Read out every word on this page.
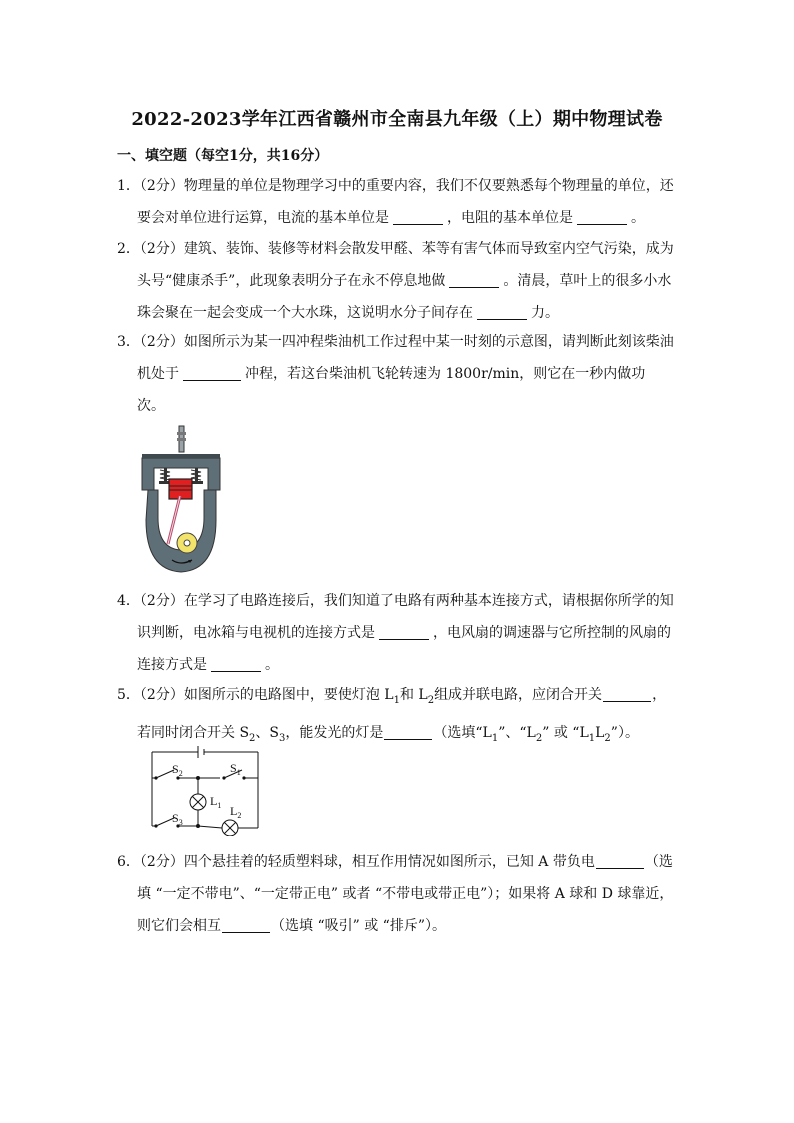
2022-2023学年江西省赣州市全南县九年级（上）期中物理试卷
一、填空题（每空1分，共16分）
1．（2分）物理量的单位是物理学习中的重要内容，我们不仅要熟悉每个物理量的单位，还
要会对单位进行运算，电流的基本单位是	，电阻的基本单位是	。
2．（2分）建筑、装饰、装修等材料会散发甲醛、苯等有害气体而导致室内空气污染，成为
头号“健康杀手”，此现象表明分子在永不停息地做	。清晨，草叶上的很多小水
珠会聚在一起会变成一个大水珠，这说明水分子间存在	力。
3．（2分）如图所示为某一四冲程柴油机工作过程中某一时刻的示意图，请判断此刻该柴油
机处于	冲程，若这台柴油机飞轮转速为 1800r/min，则它在一秒内做功
次。
4．（2分）在学习了电路连接后，我们知道了电路有两种基本连接方式，请根据你所学的知
识判断，电冰箱与电视机的连接方式是	，电风扇的调速器与它所控制的风扇的
连接方式是	。
5．（2分）如图所示的电路图中，要使灯泡 $L_1$和 $L_2$组成并联电路，应闭合开关	，
若同时闭合开关 $S_2$、$S_3$，能发光的灯是	（选填“$L_1$”、“$L_2$” 或 “$L_1L_2$”）。
$S_2$	$S_1$
$L_1$ $L_2$
$S_3$
6．（2分）四个悬挂着的轻质塑料球，相互作用情况如图所示，已知 A 带负电	（选
填 “一定不带电”、“一定带正电” 或者 “不带电或带正电”）；如果将 A 球和 D 球靠近，
则它们会相互	（选填 “吸引” 或 “排斥”）。
